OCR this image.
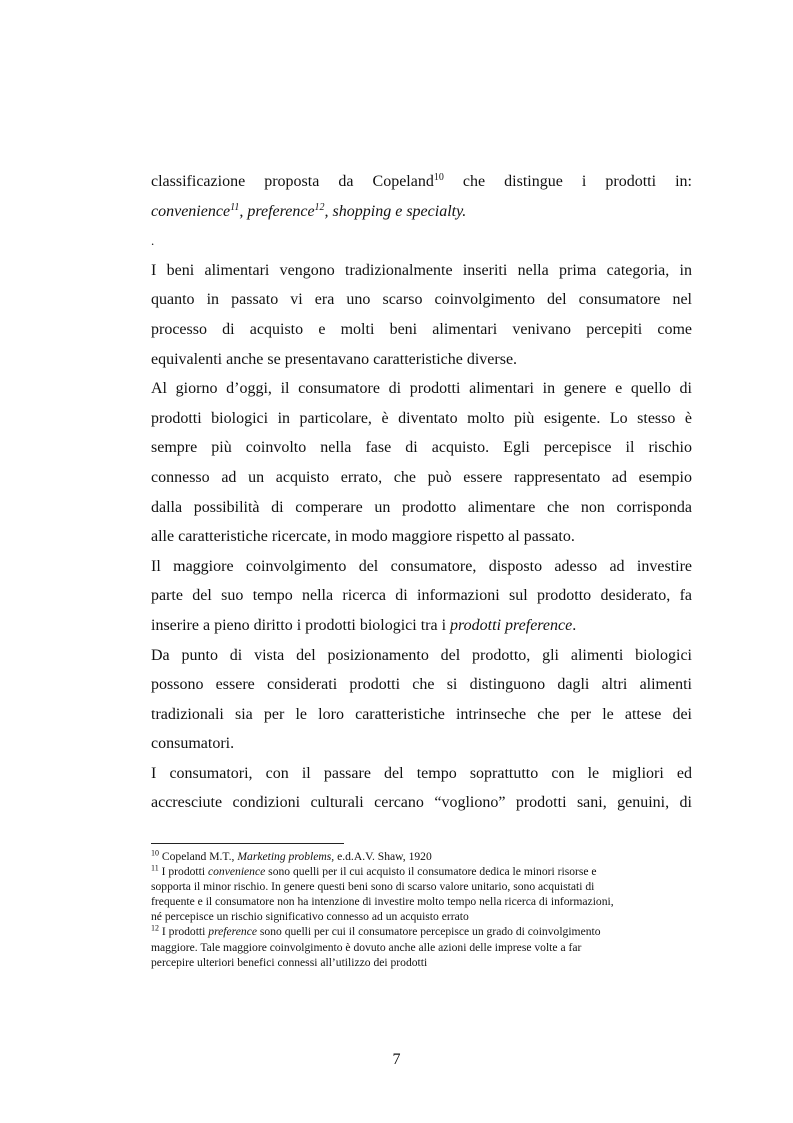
classificazione proposta da Copeland$^{10}$ che distingue i prodotti in:
convenience$^{11}$, preference$^{12}$, shopping e specialty.
.
I beni alimentari vengono tradizionalmente inseriti nella prima categoria, in
quanto in passato vi era uno scarso coinvolgimento del consumatore nel
processo di acquisto e molti beni alimentari venivano percepiti come
equivalenti anche se presentavano caratteristiche diverse.
Al giorno d’oggi, il consumatore di prodotti alimentari in genere e quello di
prodotti biologici in particolare, è diventato molto più esigente. Lo stesso è
sempre più coinvolto nella fase di acquisto. Egli percepisce il rischio
connesso ad un acquisto errato, che può essere rappresentato ad esempio
dalla possibilità di comperare un prodotto alimentare che non corrisponda
alle caratteristiche ricercate, in modo maggiore rispetto al passato.
Il maggiore coinvolgimento del consumatore, disposto adesso ad investire
parte del suo tempo nella ricerca di informazioni sul prodotto desiderato, fa
inserire a pieno diritto i prodotti biologici tra i prodotti preference.
Da punto di vista del posizionamento del prodotto, gli alimenti biologici
possono essere considerati prodotti che si distinguono dagli altri alimenti
tradizionali sia per le loro caratteristiche intrinseche che per le attese dei
consumatori.
I consumatori, con il passare del tempo soprattutto con le migliori ed
accresciute condizioni culturali cercano “vogliono” prodotti sani, genuini, di
$^{10}$ Copeland M.T., Marketing problems, e.d.A.V. Shaw, 1920
$^{11}$ I prodotti convenience sono quelli per il cui acquisto il consumatore dedica le minori risorse e
sopporta il minor rischio. In genere questi beni sono di scarso valore unitario, sono acquistati di
frequente e il consumatore non ha intenzione di investire molto tempo nella ricerca di informazioni,
né percepisce un rischio significativo connesso ad un acquisto errato
$^{12}$ I prodotti preference sono quelli per cui il consumatore percepisce un grado di coinvolgimento
maggiore. Tale maggiore coinvolgimento è dovuto anche alle azioni delle imprese volte a far
percepire ulteriori benefici connessi all’utilizzo dei prodotti
7
